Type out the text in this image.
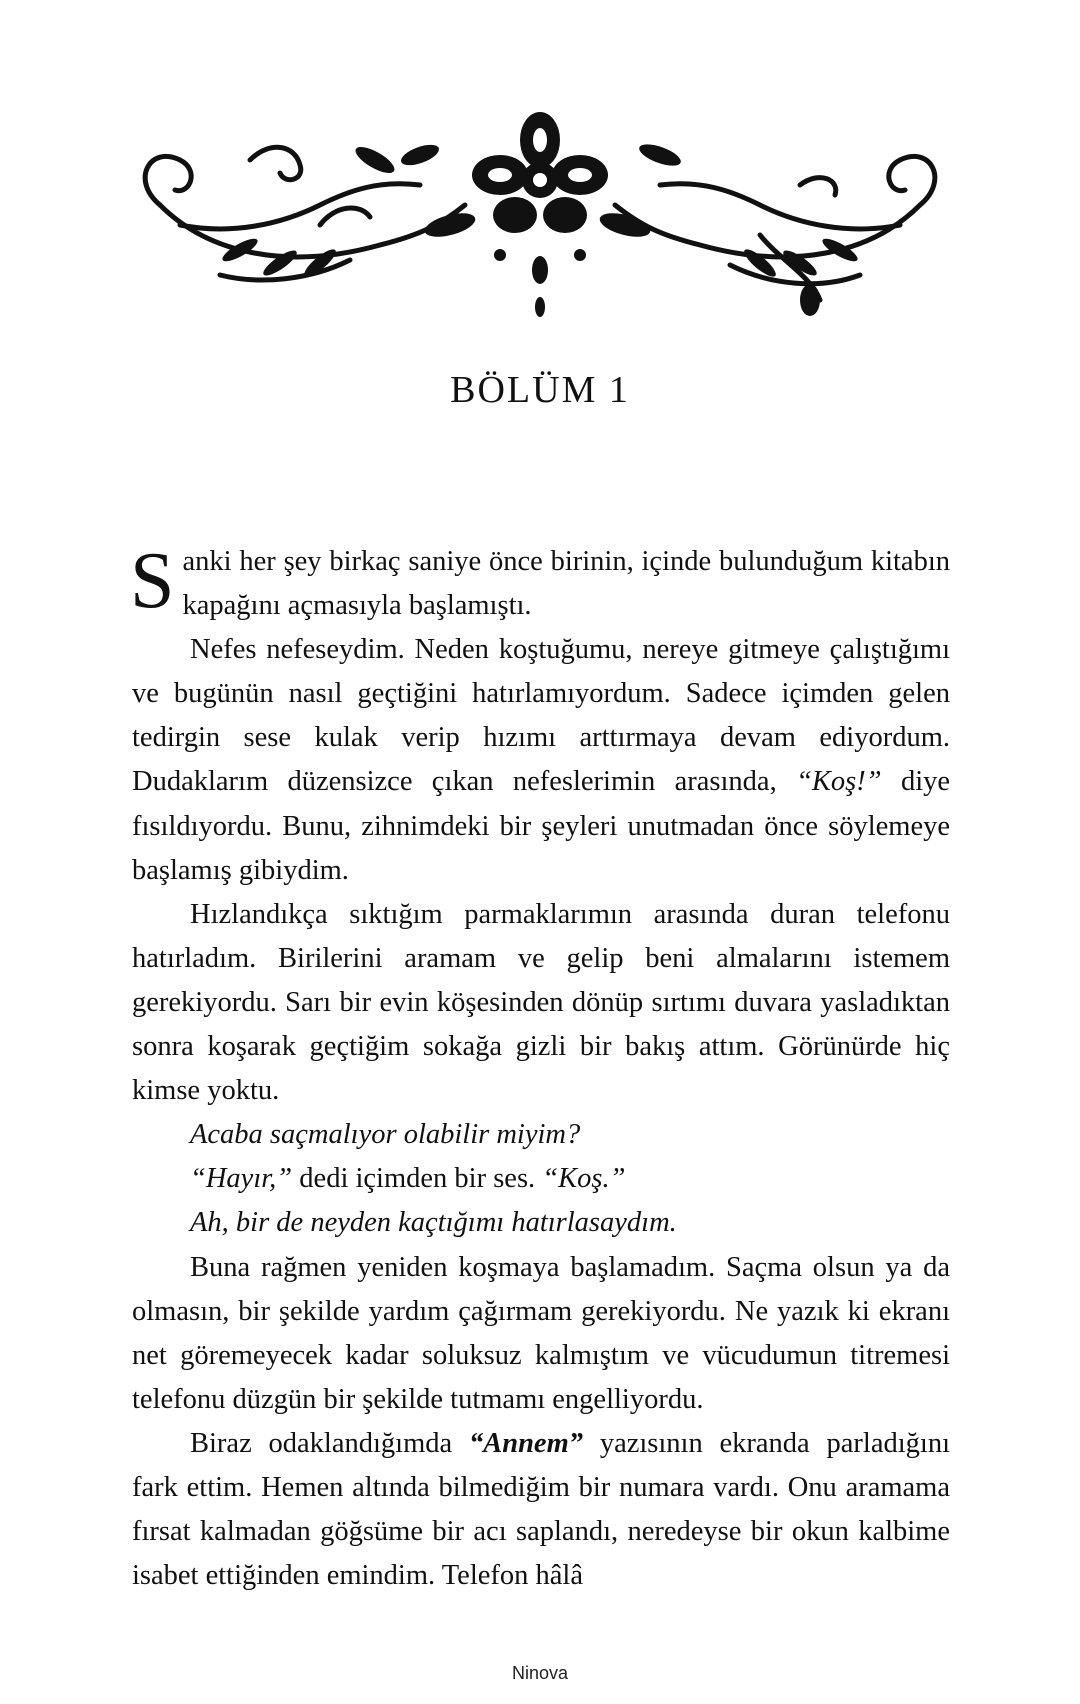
BÖLÜM 1

Sanki her şey birkaç saniye önce birinin, içinde bulunduğum kitabın kapağını açmasıyla başlamıştı.

Nefes nefeseydim. Neden koştuğumu, nereye gitmeye çalıştığımı ve bugünün nasıl geçtiğini hatırlamıyordum. Sadece içimden gelen tedirgin sese kulak verip hızımı arttırmaya devam ediyordum. Dudaklarım düzensizce çıkan nefeslerimin arasında, “Koş!” diye fısıldıyordu. Bunu, zihnimdeki bir şeyleri unutmadan önce söylemeye başlamış gibiydim.

Hızlandıkça sıktığım parmaklarımın arasında duran telefonu hatırladım. Birilerini aramam ve gelip beni almalarını istemem gerekiyordu. Sarı bir evin köşesinden dönüp sırtımı duvara yasladıktan sonra koşarak geçtiğim sokağa gizli bir bakış attım. Görünürde hiç kimse yoktu.

Acaba saçmalıyor olabilir miyim?

“Hayır,” dedi içimden bir ses. “Koş.”

Ah, bir de neyden kaçtığımı hatırlasaydım.

Buna rağmen yeniden koşmaya başlamadım. Saçma olsun ya da olmasın, bir şekilde yardım çağırmam gerekiyordu. Ne yazık ki ekranı net göremeyecek kadar soluksuz kalmıştım ve vücudumun titremesi telefonu düzgün bir şekilde tutmamı engelliyordu.

Biraz odaklandığımda “Annem” yazısının ekranda parladığını fark ettim. Hemen altında bilmediğim bir numara vardı. Onu aramama fırsat kalmadan göğsüme bir acı saplandı, neredeyse bir okun kalbime isabet ettiğinden emindim. Telefon hâlâ

Ninova
